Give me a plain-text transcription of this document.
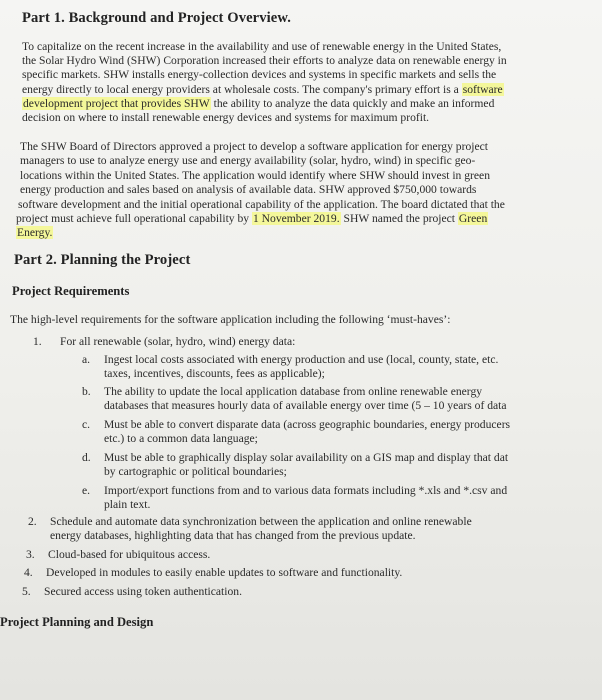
Part 1. Background and Project Overview.
To capitalize on the recent increase in the availability and use of renewable energy in the United States,
the Solar Hydro Wind (SHW) Corporation increased their efforts to analyze data on renewable energy in
specific markets. SHW installs energy-collection devices and systems in specific markets and sells the
energy directly to local energy providers at wholesale costs. The company's primary effort is a software
development project that provides SHW the ability to analyze the data quickly and make an informed
decision on where to install renewable energy devices and systems for maximum profit.
The SHW Board of Directors approved a project to develop a software application for energy project
managers to use to analyze energy use and energy availability (solar, hydro, wind) in specific geo-
locations within the United States. The application would identify where SHW should invest in green
energy production and sales based on analysis of available data. SHW approved $750,000 towards
software development and the initial operational capability of the application. The board dictated that the
project must achieve full operational capability by 1 November 2019. SHW named the project Green
Energy.
Part 2. Planning the Project
Project Requirements
The high-level requirements for the software application including the following ‘must-haves’:
1. For all renewable (solar, hydro, wind) energy data:
a. Ingest local costs associated with energy production and use (local, county, state, etc.
taxes, incentives, discounts, fees as applicable);
b. The ability to update the local application database from online renewable energy
databases that measures hourly data of available energy over time (5 – 10 years of data
c. Must be able to convert disparate data (across geographic boundaries, energy producers
etc.) to a common data language;
d. Must be able to graphically display solar availability on a GIS map and display that dat
by cartographic or political boundaries;
e. Import/export functions from and to various data formats including *.xls and *.csv and
plain text.
2. Schedule and automate data synchronization between the application and online renewable
energy databases, highlighting data that has changed from the previous update.
3. Cloud-based for ubiquitous access.
4. Developed in modules to easily enable updates to software and functionality.
5. Secured access using token authentication.
Project Planning and Design
